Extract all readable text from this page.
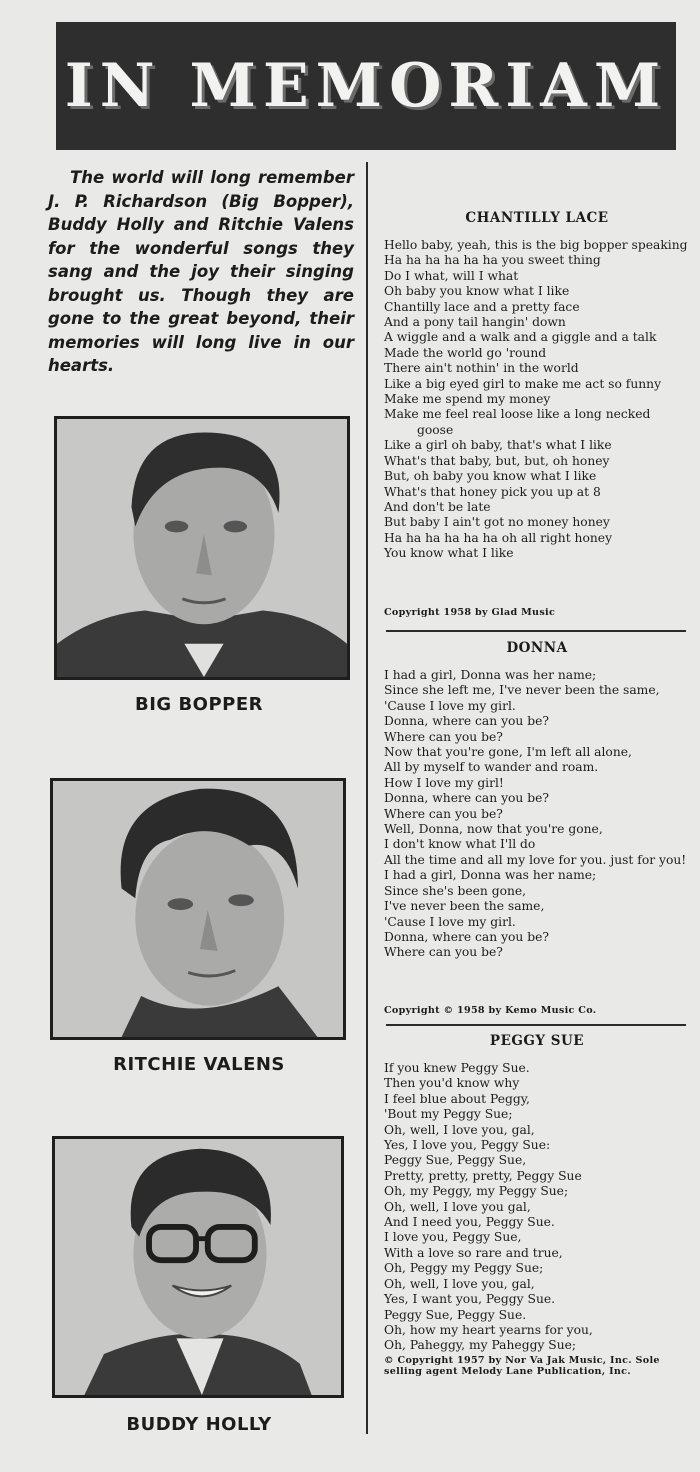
IN MEMORIAM

The world will long remember J. P. Richardson (Big Bopper), Buddy Holly and Ritchie Valens for the wonderful songs they sang and the joy their singing brought us. Though they are gone to the great beyond, their memories will long live in our hearts.

BIG BOPPER

RITCHIE VALENS

BUDDY HOLLY

CHANTILLY LACE

Hello baby, yeah, this is the big bopper speaking
Ha ha ha ha ha ha you sweet thing
Do I what, will I what
Oh baby you know what I like
Chantilly lace and a pretty face
And a pony tail hangin' down
A wiggle and a walk and a giggle and a talk
Made the world go 'round
There ain't nothin' in the world
Like a big eyed girl to make me act so funny
Make me spend my money
Make me feel real loose like a long necked goose
Like a girl oh baby, that's what I like
What's that baby, but, but, oh honey
But, oh baby you know what I like
What's that honey pick you up at 8
And don't be late
But baby I ain't got no money honey
Ha ha ha ha ha ha oh all right honey
You know what I like

Copyright 1958 by Glad Music

DONNA

I had a girl, Donna was her name;
Since she left me, I've never been the same,
'Cause I love my girl.
Donna, where can you be?
Where can you be?
Now that you're gone, I'm left all alone,
All by myself to wander and roam.
How I love my girl!
Donna, where can you be?
Where can you be?
Well, Donna, now that you're gone,
I don't know what I'll do
All the time and all my love for you. just for you!
I had a girl, Donna was her name;
Since she's been gone,
I've never been the same,
'Cause I love my girl.
Donna, where can you be?
Where can you be?

Copyright © 1958 by Kemo Music Co.

PEGGY SUE

If you knew Peggy Sue.
Then you'd know why
I feel blue about Peggy,
'Bout my Peggy Sue;
Oh, well, I love you, gal,
Yes, I love you, Peggy Sue:
Peggy Sue, Peggy Sue,
Pretty, pretty, pretty, Peggy Sue
Oh, my Peggy, my Peggy Sue;
Oh, well, I love you gal,
And I need you, Peggy Sue.
I love you, Peggy Sue,
With a love so rare and true,
Oh, Peggy my Peggy Sue;
Oh, well, I love you, gal,
Yes, I want you, Peggy Sue.
Peggy Sue, Peggy Sue.
Oh, how my heart yearns for you,
Oh, Paheggy, my Paheggy Sue;

© Copyright 1957 by Nor Va Jak Music, Inc. Sole selling agent Melody Lane Publication, Inc.
